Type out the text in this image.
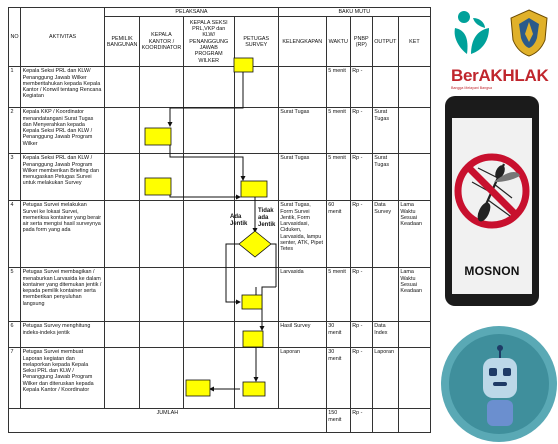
NO	AKTIVITAS	PELAKSANA				BAKU MUTU				
		PEMILIK BANGUNAN	KEPALA KANTOR / KOORDINATOR	KEPALA SEKSI PRL,VKP dan KLW/ PENANGGUNG JAWAB PROGRAM WILKER	PETUGAS SURVEY	KELENGKAPAN	WAKTU	PNBP (RP)	OUTPUT	KET
1	Kepala Seksi PRL dan KLW/ Penanggung Jawab Wilker memberitahukan kepada Kepala Kantor / Konwil tentang Rencana Kegiatan						5 menit	Rp -		
2	Kepala KKP / Koordinator menandatangani Surat Tugas dan Menyerahkan kepada Kepala Seksi PRL dan KLW / Penanggung Jawab Program Wilker					Surat Tugas	5 menit	Rp -	Surat Tugas	
3	Kepala Seksi PRL dan KLW / Penanggung Jawab Program Wilker memberikan Briefing dan menugaskan Petugas Survei untuk melakukan Survey					Surat Tugas	5 menit	Rp -	Surat Tugas	
4	Petugas Survei melakukan Survei ke lokasi Survei, memeriksa kontainer yang berair air serta mengisi hasil surveynya pada form yang ada					Surat Tugas, Form Survei Jentik, Form Larvasidasi, Ciduken, Larvasida, lampu senter, ATK, Pipet Tetes	60 menit	Rp -	Data Survey	Lama Waktu Sesuai Keadaan
5	Petugas Survei membagikan / menaburkan Larvasida ke dalam kontainer yang ditemukan jentik / kepada pemilik kontainer serta memberikan penyuluhan langsung					Larvasida	5 menit	Rp -		Lama Waktu Sesuai Keadaan
6	Petugas Survey menghitung indeks-indeks jentik					Hasil Survey	30 menit	Rp -	Data Index	
7	Petugas Survei membuat Laporan kegiatan dan melaporkan kepada Kepala Seksi PRL dan KLW / Penanggung Jawab Program Wilker dan diteruskan kepada Kepala Kantor / Koordinator					Laporan	30 menit	Rp -	Laporan	
JUMLAH							150 menit	Rp -		
Ada Jentik
Tidak ada Jentik
BerAKHLAK
Bangga Melayani Bangsa
MOSNON
